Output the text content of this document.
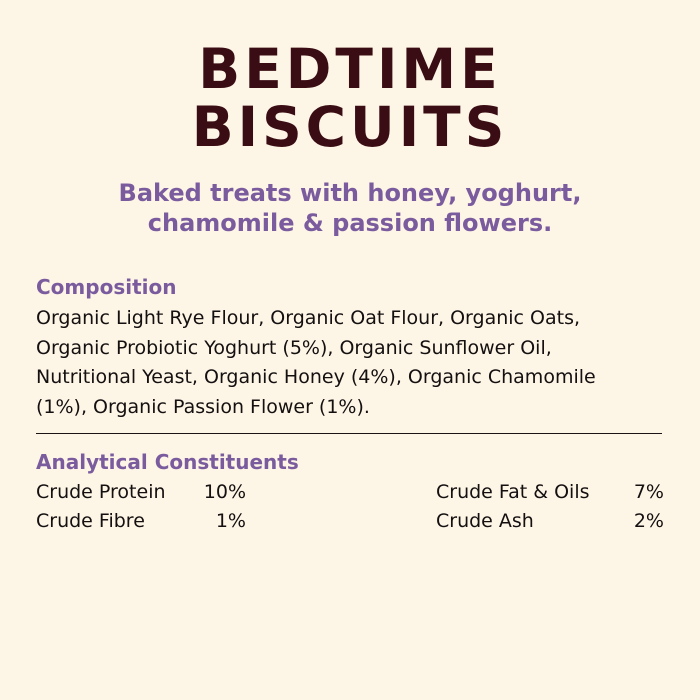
BEDTIME
BISCUITS
Baked treats with honey, yoghurt,
chamomile & passion flowers.
Composition
Organic Light Rye Flour, Organic Oat Flour, Organic Oats,
Organic Probiotic Yoghurt (5%), Organic Sunflower Oil,
Nutritional Yeast, Organic Honey (4%), Organic Chamomile
(1%), Organic Passion Flower (1%).
Analytical Constituents
Crude Protein 10%	Crude Fat & Oils 7%
Crude Fibre	1%	Crude Ash	2%
